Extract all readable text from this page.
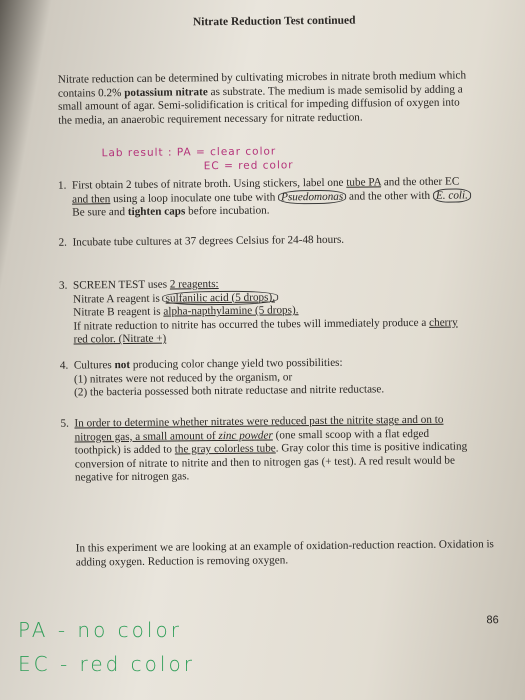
Nitrate Reduction Test continued
Nitrate reduction can be determined by cultivating microbes in nitrate broth medium which contains 0.2% potassium nitrate as substrate. The medium is made semisolid by adding a small amount of agar. Semi-solidification is critical for impeding diffusion of oxygen into the media, an anaerobic requirement necessary for nitrate reduction.
Lab result : PA = clear color
EC = red color
1. First obtain 2 tubes of nitrate broth. Using stickers, label one tube PA and the other EC and then using a loop inoculate one tube with Psuedomonas and the other with E. coli. Be sure and tighten caps before incubation.
2. Incubate tube cultures at 37 degrees Celsius for 24-48 hours.
3. SCREEN TEST uses 2 reagents:
Nitrate A reagent is sulfanilic acid (5 drops).
Nitrate B reagent is alpha-napthylamine (5 drops).
If nitrate reduction to nitrite has occurred the tubes will immediately produce a cherry red color. (Nitrate +)
4. Cultures not producing color change yield two possibilities:
(1) nitrates were not reduced by the organism, or
(2) the bacteria possessed both nitrate reductase and nitrite reductase.
5. In order to determine whether nitrates were reduced past the nitrite stage and on to nitrogen gas, a small amount of zinc powder (one small scoop with a flat edged toothpick) is added to the gray colorless tube. Gray color this time is positive indicating conversion of nitrate to nitrite and then to nitrogen gas (+ test). A red result would be negative for nitrogen gas.
In this experiment we are looking at an example of oxidation-reduction reaction. Oxidation is adding oxygen. Reduction is removing oxygen.
86
PA - no color
EC - red color
